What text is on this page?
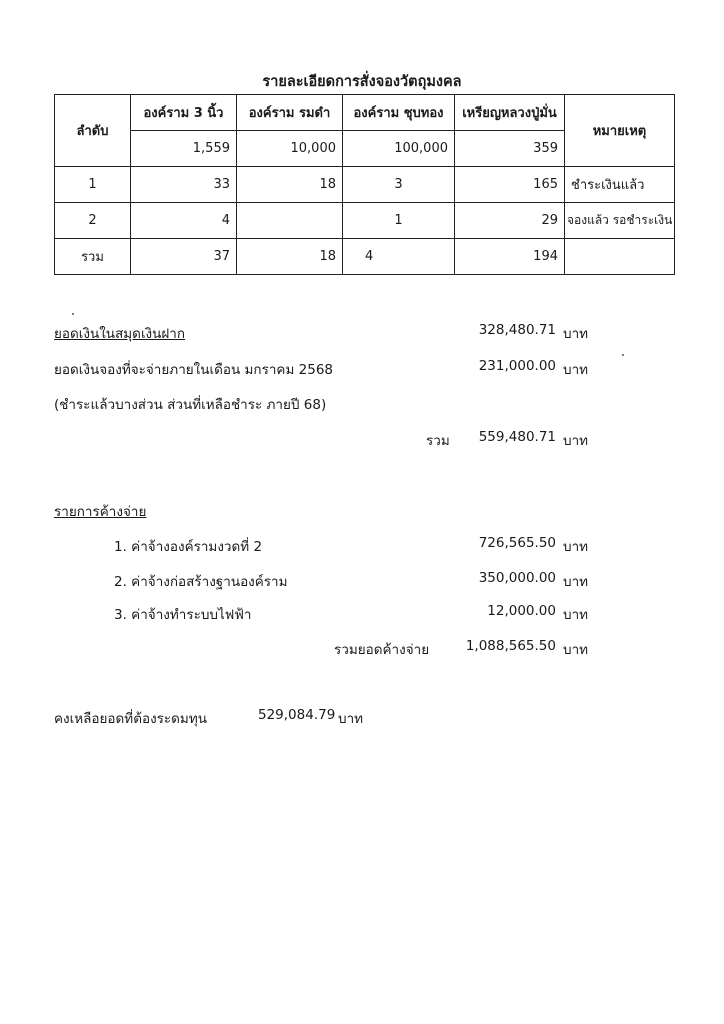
รายละเอียดการสั่งจองวัตถุมงคล
ลำดับ	องค์ราม 3 นิ้ว	องค์ราม รมดำ	องค์ราม ชุบทอง	เหรียญหลวงปู่มั่น	หมายเหตุ
	1,559	10,000	100,000	359	
1	33	18	3	165	ชำระเงินแล้ว
2	4		1	29	จองแล้ว รอชำระเงิน
รวม	37	18	4	194	
ยอดเงินในสมุดเงินฝาก	328,480.71 บาท
ยอดเงินจองที่จะจ่ายภายในเดือน มกราคม 2568	231,000.00 บาท
(ชำระแล้วบางส่วน ส่วนที่เหลือชำระ ภายปี 68)
รวม	559,480.71 บาท
รายการค้างจ่าย
1. ค่าจ้างองค์รามงวดที่ 2	726,565.50 บาท
2. ค่าจ้างก่อสร้างฐานองค์ราม	350,000.00 บาท
3. ค่าจ้างทำระบบไฟฟ้า	12,000.00 บาท
รวมยอดค้างจ่าย	1,088,565.50 บาท
คงเหลือยอดที่ต้องระดมทุน	529,084.79 บาท
